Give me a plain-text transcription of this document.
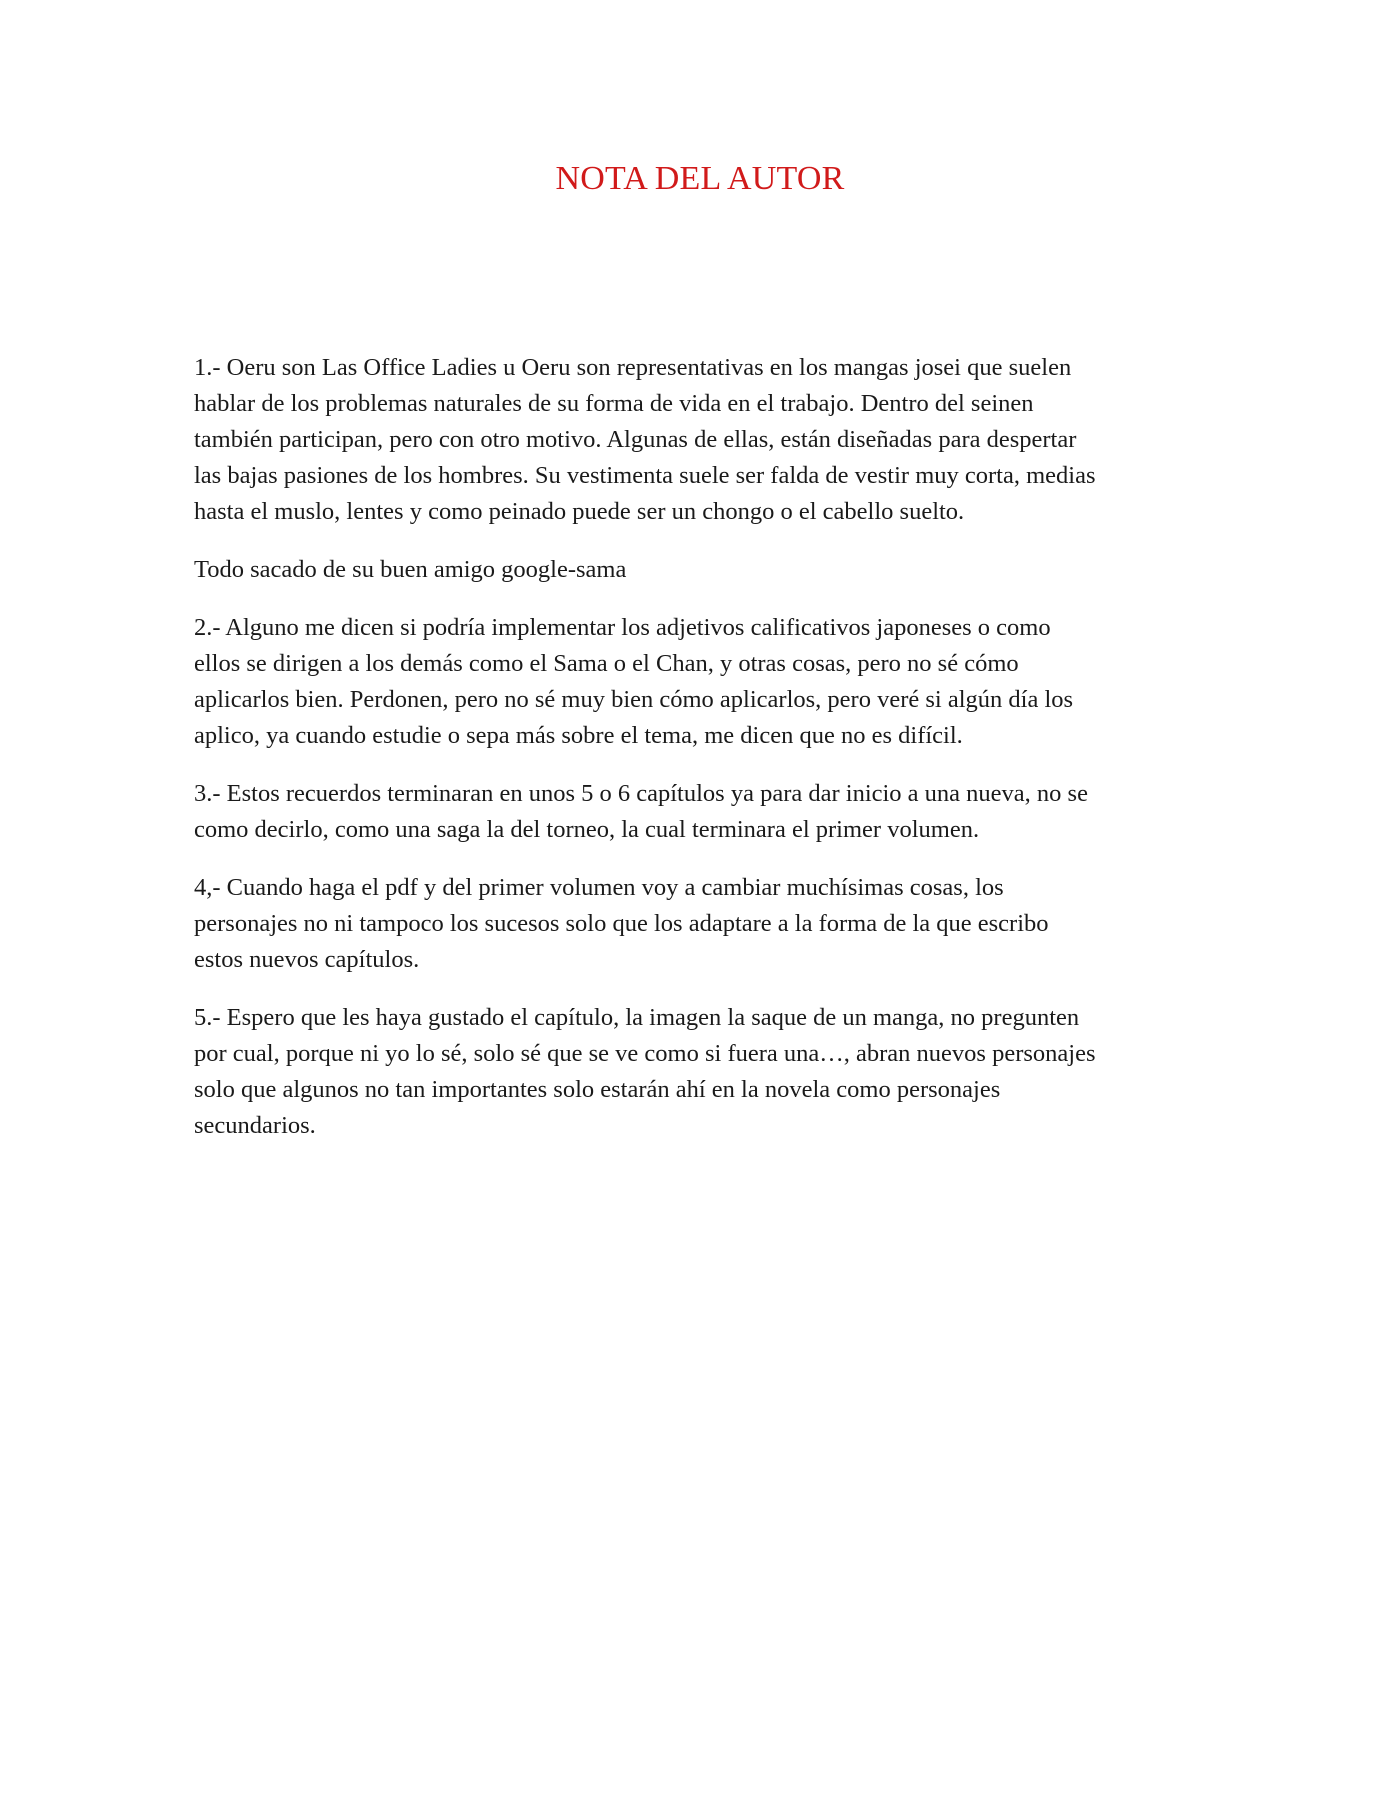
NOTA DEL AUTOR

1.- Oeru son Las Office Ladies u Oeru son representativas en los mangas josei que suelen
hablar de los problemas naturales de su forma de vida en el trabajo. Dentro del seinen
también participan, pero con otro motivo. Algunas de ellas, están diseñadas para despertar
las bajas pasiones de los hombres. Su vestimenta suele ser falda de vestir muy corta, medias
hasta el muslo, lentes y como peinado puede ser un chongo o el cabello suelto.

Todo sacado de su buen amigo google-sama

2.- Alguno me dicen si podría implementar los adjetivos calificativos japoneses o como
ellos se dirigen a los demás como el Sama o el Chan, y otras cosas, pero no sé cómo
aplicarlos bien. Perdonen, pero no sé muy bien cómo aplicarlos, pero veré si algún día los
aplico, ya cuando estudie o sepa más sobre el tema, me dicen que no es difícil.

3.- Estos recuerdos terminaran en unos 5 o 6 capítulos ya para dar inicio a una nueva, no se
como decirlo, como una saga la del torneo, la cual terminara el primer volumen.

4,- Cuando haga el pdf y del primer volumen voy a cambiar muchísimas cosas, los
personajes no ni tampoco los sucesos solo que los adaptare a la forma de la que escribo
estos nuevos capítulos.

5.- Espero que les haya gustado el capítulo, la imagen la saque de un manga, no pregunten
por cual, porque ni yo lo sé, solo sé que se ve como si fuera una…, abran nuevos personajes
solo que algunos no tan importantes solo estarán ahí en la novela como personajes
secundarios.
